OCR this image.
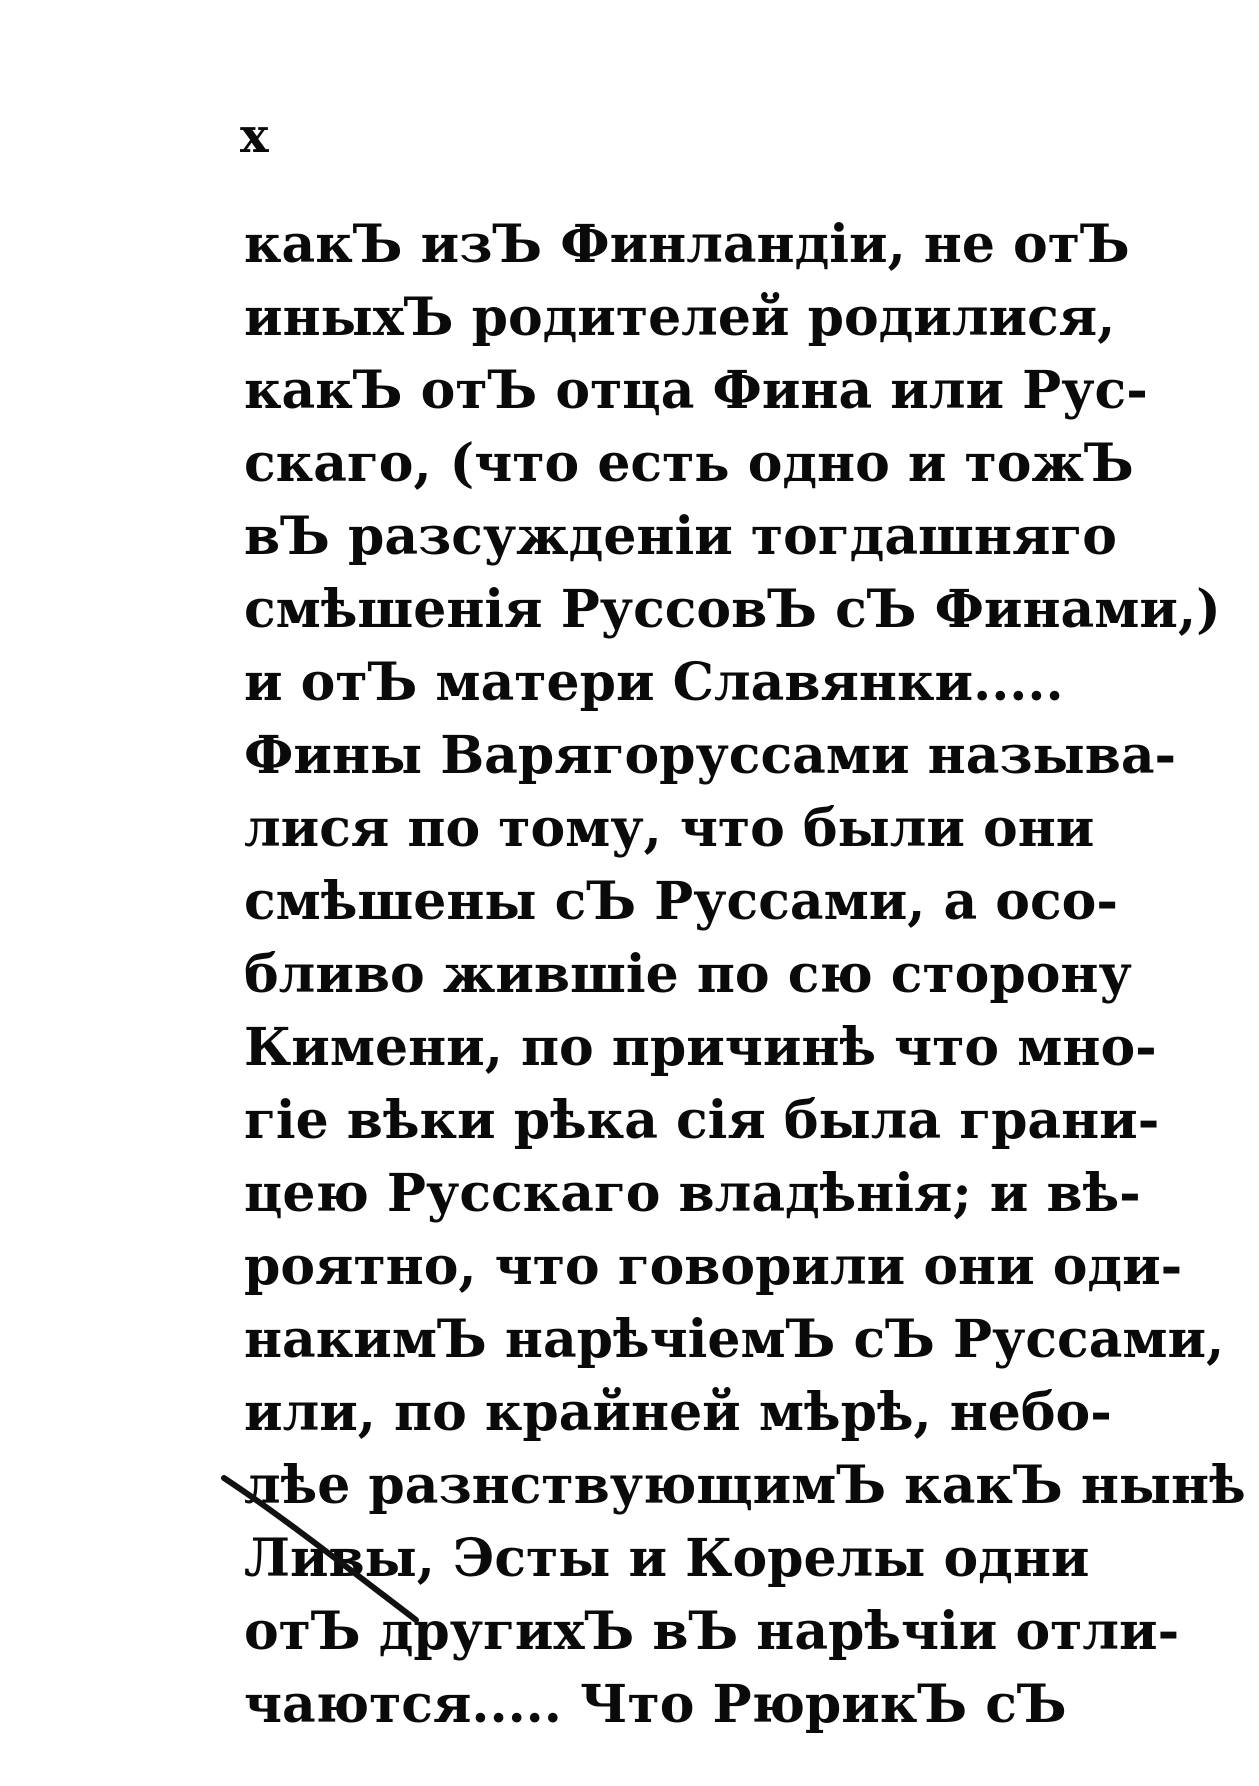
x
какЪ изЪ Финландіи, не отЪ
иныхЪ родителей родилися,
какЪ отЪ отца Фина или Рус-
скаго, (что есть одно и тожЪ
вЪ разсужденіи тогдашняго
смѣшенія РуссовЪ сЪ Финами,)
и отЪ матери Славянки.....
Фины Варягоруссами называ-
лися по тому, что были они
смѣшены сЪ Руссами, а осо-
бливо жившіе по сю сторону
Кимени, по причинѣ что мно-
гіе вѣки рѣка сія была грани-
цею Русскаго владѣнія; и вѣ-
роятно, что говорили они оди-
накимЪ нарѣчіемЪ сЪ Руссами,
или, по крайней мѣрѣ, небо-
лѣе разнствующимЪ какЪ нынѣ
Ливы, Эсты и Корелы одни
отЪ другихЪ вЪ нарѣчіи отли-
чаются..... Что РюрикЪ сЪ
